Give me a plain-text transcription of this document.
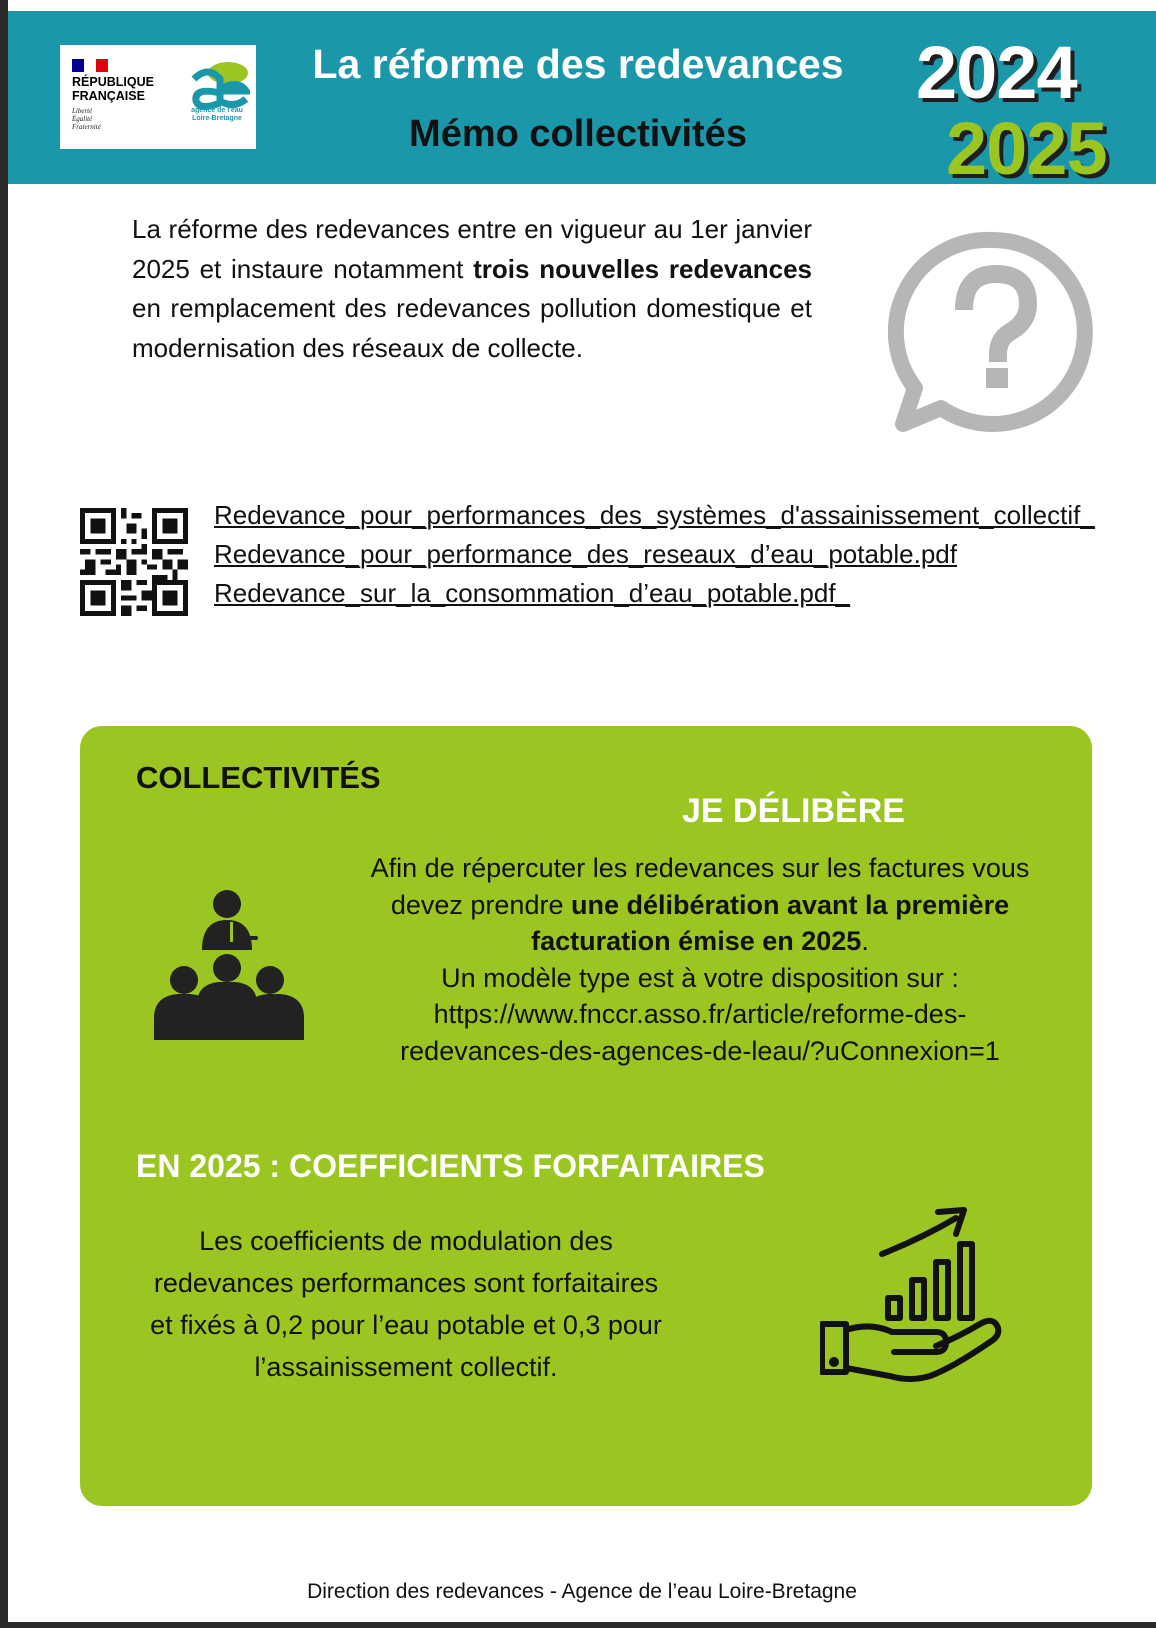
RÉPUBLIQUE
FRANÇAISE
Liberté
Égalité
Fraternité
agence de l'eau Loire-Bretagne
La réforme des redevances
Mémo collectivités
2024
2025
La réforme des redevances entre en vigueur au 1er janvier 2025 et instaure notamment trois nouvelles redevances en remplacement des redevances pollution domestique et modernisation des réseaux de collecte.
Redevance_pour_performances_des_systèmes_d'assainissement_collectif_
Redevance_pour_performance_des_reseaux_d’eau_potable.pdf
Redevance_sur_la_consommation_d’eau_potable.pdf_
COLLECTIVITÉS
JE DÉLIBÈRE
Afin de répercuter les redevances sur les factures vous devez prendre une délibération avant la première facturation émise en 2025.
Un modèle type est à votre disposition sur :
https://www.fnccr.asso.fr/article/reforme-des-
redevances-des-agences-de-leau/?uConnexion=1
EN 2025 : COEFFICIENTS FORFAITAIRES
Les coefficients de modulation des redevances performances sont forfaitaires et fixés à 0,2 pour l’eau potable et 0,3 pour l’assainissement collectif.
Direction des redevances - Agence de l’eau Loire-Bretagne
